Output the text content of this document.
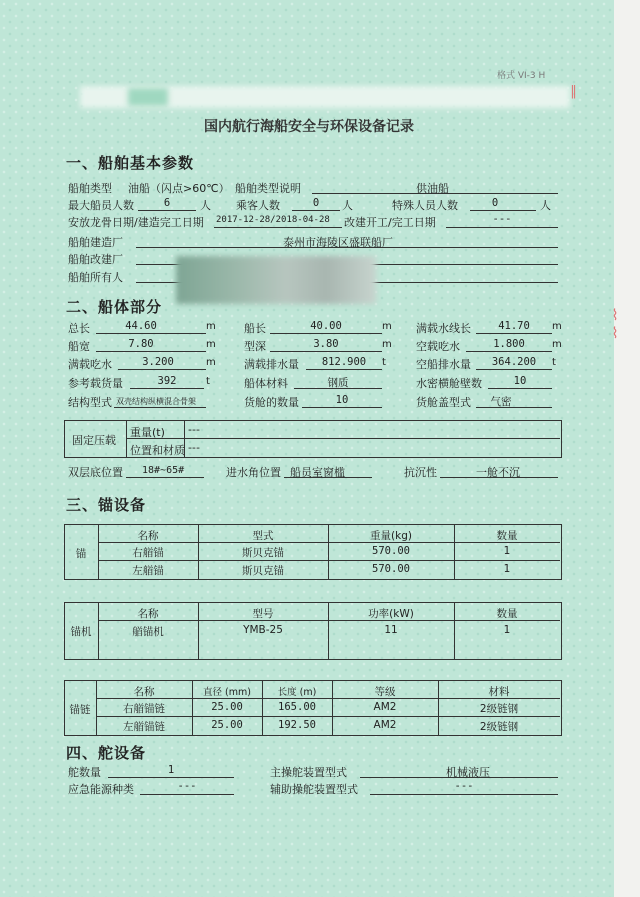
格式 VI-3 H
国内航行海船安全与环保设备记录
一、船舶基本参数
船舶类型 油船（闪点>60℃） 船舶类型说明	供油船
最大船员人数	6	人 乘客人数	0	人	特殊人员人数	0	人
安放龙骨日期/建造完工日期 2017-12-28/2018-04-28 改建开工/完工日期	---
船舶建造厂	泰州市海陵区盛联船厂
船舶改建厂
船舶所有人
二、船体部分
总长	44.60	m	船长	40.00	m 满载水线长	41.70	m
船宽	7.80	m	型深	3.80	m 空载吃水	1.800	m
满载吃水	3.200	m	满载排水量	812.900	t	空船排水量	364.200	t
参考载货量	392	t	船体材料	钢质	水密横舱壁数	10
结构型式 双壳结构纵横混合骨架	货舱的数量	10	货舱盖型式	气密
固定压载
重量(t) ---
位置和材质 ---
双层底位置 18#~65#	进水角位置 船员室窗槛	抗沉性	一舱不沉
三、锚设备
锚
名称	型式	重量(kg)	数量
右艏锚	斯贝克锚	570.00	1
左艏锚	斯贝克锚	570.00	1
锚机
名称	型号	功率(kW)	数量
艏锚机	YMB-25	11	1
锚链
名称	直径 (mm)	长度 (m)	等级	材料
右艏锚链	25.00	165.00	AM2	2级链钢
左艏锚链	25.00	192.50	AM2	2级链钢
四、舵设备
舵数量	1	主操舵装置型式	机械液压
应急能源种类	---	辅助操舵装置型式	---
‖
⌇⌇
